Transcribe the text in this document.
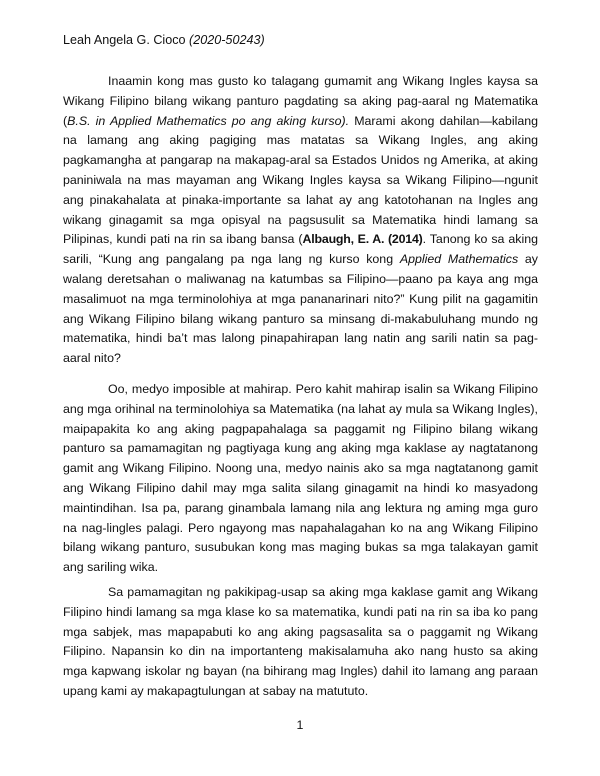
Leah Angela G. Cioco (2020-50243)

Inaamin kong mas gusto ko talagang gumamit ang Wikang Ingles kaysa sa Wikang Filipino bilang wikang panturo pagdating sa aking pag-aaral ng Matematika (B.S. in Applied Mathematics po ang aking kurso). Marami akong dahilan—kabilang na lamang ang aking pagiging mas matatas sa Wikang Ingles, ang aking pagkamangha at pangarap na makapag-aral sa Estados Unidos ng Amerika, at aking paniniwala na mas mayaman ang Wikang Ingles kaysa sa Wikang Filipino—ngunit ang pinakahalata at pinaka-importante sa lahat ay ang katotohanan na Ingles ang wikang ginagamit sa mga opisyal na pagsusulit sa Matematika hindi lamang sa Pilipinas, kundi pati na rin sa ibang bansa (Albaugh, E. A. (2014). Tanong ko sa aking sarili, “Kung ang pangalang pa nga lang ng kurso kong Applied Mathematics ay walang deretsahan o maliwanag na katumbas sa Filipino—paano pa kaya ang mga masalimuot na mga terminolohiya at mga pananarinari nito?” Kung pilit na gagamitin ang Wikang Filipino bilang wikang panturo sa minsang di-makabuluhang mundo ng matematika, hindi ba’t mas lalong pinapahirapan lang natin ang sarili natin sa pag-aaral nito?

Oo, medyo imposible at mahirap. Pero kahit mahirap isalin sa Wikang Filipino ang mga orihinal na terminolohiya sa Matematika (na lahat ay mula sa Wikang Ingles), maipapakita ko ang aking pagpapahalaga sa paggamit ng Filipino bilang wikang panturo sa pamamagitan ng pagtiyaga kung ang aking mga kaklase ay nagtatanong gamit ang Wikang Filipino. Noong una, medyo nainis ako sa mga nagtatanong gamit ang Wikang Filipino dahil may mga salita silang ginagamit na hindi ko masyadong maintindihan. Isa pa, parang ginambala lamang nila ang lektura ng aming mga guro na nag-lingles palagi. Pero ngayong mas napahalagahan ko na ang Wikang Filipino bilang wikang panturo, susubukan kong mas maging bukas sa mga talakayan gamit ang sariling wika.

Sa pamamagitan ng pakikipag-usap sa aking mga kaklase gamit ang Wikang Filipino hindi lamang sa mga klase ko sa matematika, kundi pati na rin sa iba ko pang mga sabjek, mas mapapabuti ko ang aking pagsasalita sa o paggamit ng Wikang Filipino. Napansin ko din na importanteng makisalamuha ako nang husto sa aking mga kapwang iskolar ng bayan (na bihirang mag Ingles) dahil ito lamang ang paraan upang kami ay makapagtulungan at sabay na matututo.

1
